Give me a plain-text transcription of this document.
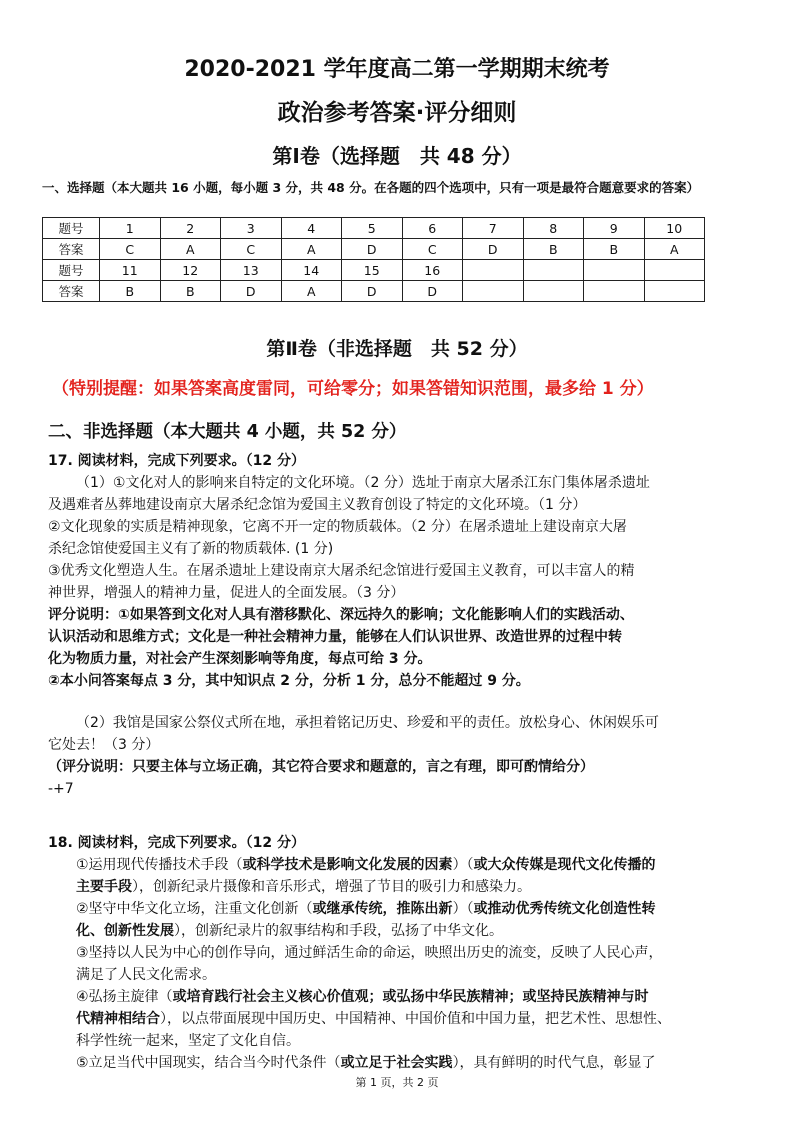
2020-2021 学年度高二第一学期期末统考
政治参考答案·评分细则
第Ⅰ卷（选择题　共 48 分）
一、选择题（本大题共 16 小题，每小题 3 分，共 48 分。在各题的四个选项中，只有一项是最符合题意要求的答案）
题号	1	2	3	4	5	6	7	8	9	10
答案	C	A	C	A	D	C	D	B	B	A
题号	11	12	13	14	15	16				
答案	B	B	D	A	D	D				
第Ⅱ卷（非选择题　共 52 分）
（特别提醒：如果答案高度雷同，可给零分；如果答错知识范围，最多给 1 分）
二、非选择题（本大题共 4 小题，共 52 分）

17. 阅读材料，完成下列要求。（12 分）

（1）①文化对人的影响来自特定的文化环境。（2 分）选址于南京大屠杀江东门集体屠杀遗址

及遇难者丛葬地建设南京大屠杀纪念馆为爱国主义教育创设了特定的文化环境。（1 分）

②文化现象的实质是精神现象，它离不开一定的物质载体。（2 分）在屠杀遗址上建设南京大屠

杀纪念馆使爱国主义有了新的物质载体. (1 分)

③优秀文化塑造人生。在屠杀遗址上建设南京大屠杀纪念馆进行爱国主义教育，可以丰富人的精

神世界，增强人的精神力量，促进人的全面发展。（3 分）

评分说明：①如果答到文化对人具有潜移默化、深远持久的影响；文化能影响人们的实践活动、

认识活动和思维方式；文化是一种社会精神力量，能够在人们认识世界、改造世界的过程中转

化为物质力量，对社会产生深刻影响等角度，每点可给 3 分。

②本小问答案每点 3 分，其中知识点 2 分，分析 1 分，总分不能超过 9 分。

（2）我馆是国家公祭仪式所在地，承担着铭记历史、珍爱和平的责任。放松身心、休闲娱乐可

它处去！（3 分）

（评分说明：只要主体与立场正确，其它符合要求和题意的，言之有理，即可酌情给分）

-+7

18. 阅读材料，完成下列要求。（12 分）

①运用现代传播技术手段（或科学技术是影响文化发展的因素）（或大众传媒是现代文化传播的

主要手段），创新纪录片摄像和音乐形式，增强了节目的吸引力和感染力。

②坚守中华文化立场，注重文化创新（或继承传统，推陈出新）（或推动优秀传统文化创造性转

化、创新性发展），创新纪录片的叙事结构和手段，弘扬了中华文化。

③坚持以人民为中心的创作导向，通过鲜活生命的命运，映照出历史的流变，反映了人民心声，

满足了人民文化需求。

④弘扬主旋律（或培育践行社会主义核心价值观；或弘扬中华民族精神；或坚持民族精神与时

代精神相结合），以点带面展现中国历史、中国精神、中国价值和中国力量，把艺术性、思想性、

科学性统一起来，坚定了文化自信。

⑤立足当代中国现实，结合当今时代条件（或立足于社会实践），具有鲜明的时代气息，彰显了

第 1 页，共 2 页
